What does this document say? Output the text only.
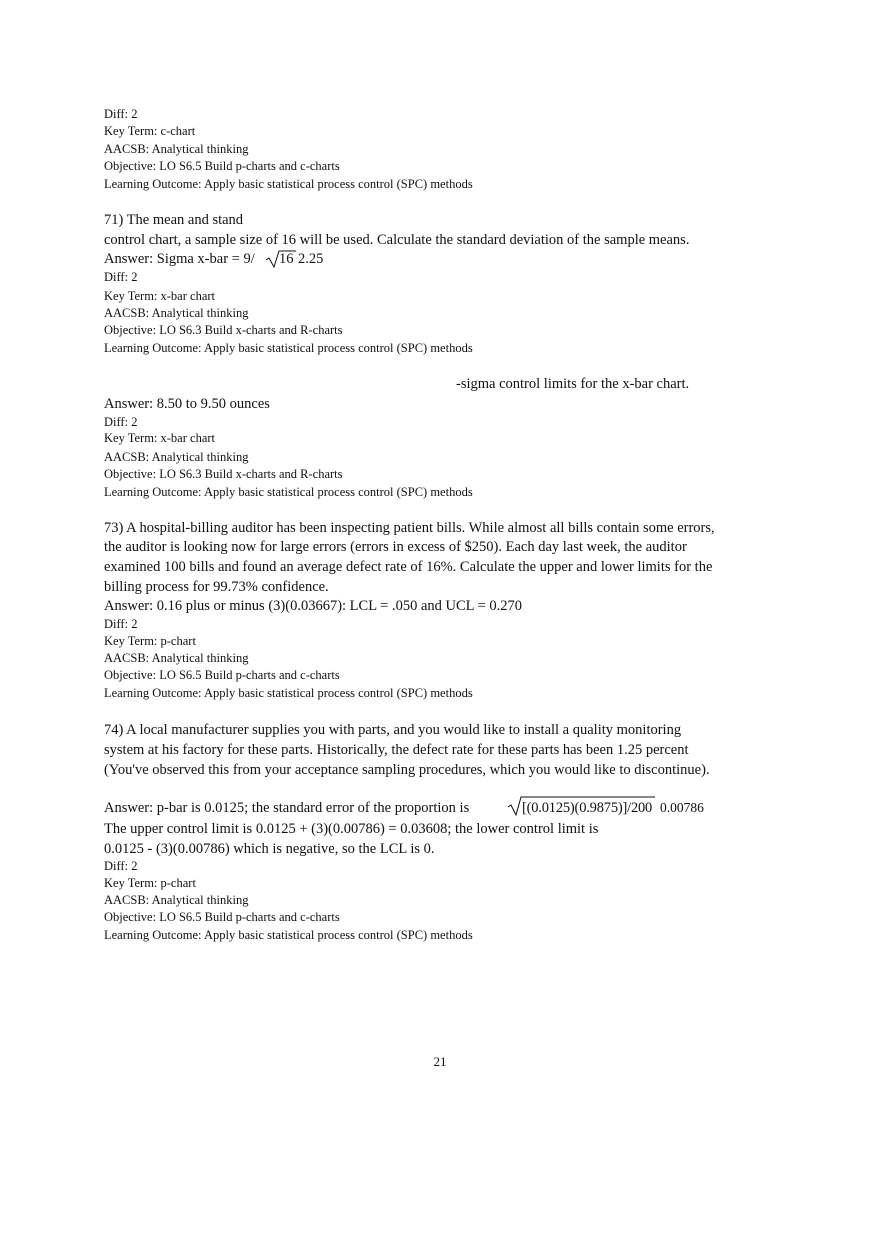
Diff: 2
Key Term: c-chart
AACSB: Analytical thinking
Objective: LO S6.5 Build p-charts and c-charts
Learning Outcome: Apply basic statistical process control (SPC) methods
71) The mean and stand
control chart, a sample size of 16 will be used. Calculate the standard deviation of the sample means.
Answer: Sigma x-bar = 9/ 16 2.25
Diff: 2
Key Term: x-bar chart
AACSB: Analytical thinking
Objective: LO S6.3 Build x-charts and R-charts
Learning Outcome: Apply basic statistical process control (SPC) methods
-sigma control limits for the x-bar chart.
Answer: 8.50 to 9.50 ounces
Diff: 2
Key Term: x-bar chart
AACSB: Analytical thinking
Objective: LO S6.3 Build x-charts and R-charts
Learning Outcome: Apply basic statistical process control (SPC) methods
73) A hospital-billing auditor has been inspecting patient bills. While almost all bills contain some errors,
the auditor is looking now for large errors (errors in excess of $250). Each day last week, the auditor
examined 100 bills and found an average defect rate of 16%. Calculate the upper and lower limits for the
billing process for 99.73% confidence.
Answer: 0.16 plus or minus (3)(0.03667): LCL = .050 and UCL = 0.270
Diff: 2
Key Term: p-chart
AACSB: Analytical thinking
Objective: LO S6.5 Build p-charts and c-charts
Learning Outcome: Apply basic statistical process control (SPC) methods
74) A local manufacturer supplies you with parts, and you would like to install a quality monitoring
system at his factory for these parts. Historically, the defect rate for these parts has been 1.25 percent
(You've observed this from your acceptance sampling procedures, which you would like to discontinue).
Answer: p-bar is 0.0125; the standard error of the proportion is	[(0.0125)(0.9875)]/200 0.00786
The upper control limit is 0.0125 + (3)(0.00786) = 0.03608; the lower control limit is
0.0125 - (3)(0.00786) which is negative, so the LCL is 0.
Diff: 2
Key Term: p-chart
AACSB: Analytical thinking
Objective: LO S6.5 Build p-charts and c-charts
Learning Outcome: Apply basic statistical process control (SPC) methods
21
